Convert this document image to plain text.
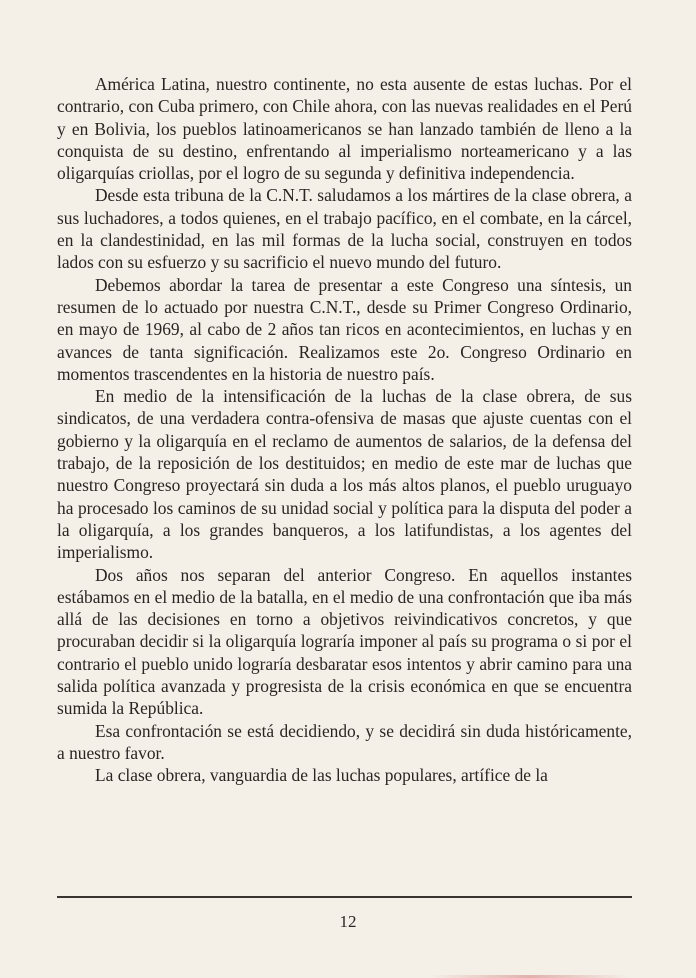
América Latina, nuestro continente, no esta ausente de estas luchas. Por el contrario, con Cuba primero, con Chile ahora, con las nuevas realidades en el Perú y en Bolivia, los pueblos latinoamericanos se han lanzado también de lleno a la conquista de su destino, enfrentando al imperialismo norteamericano y a las oligarquías criollas, por el logro de su segunda y definitiva independencia.

Desde esta tribuna de la C.N.T. saludamos a los mártires de la clase obrera, a sus luchadores, a todos quienes, en el trabajo pacífico, en el combate, en la cárcel, en la clandestinidad, en las mil formas de la lucha social, construyen en todos lados con su esfuerzo y su sacrificio el nuevo mundo del futuro.

Debemos abordar la tarea de presentar a este Congreso una síntesis, un resumen de lo actuado por nuestra C.N.T., desde su Primer Congreso Ordinario, en mayo de 1969, al cabo de 2 años tan ricos en acontecimientos, en luchas y en avances de tanta significación. Realizamos este 2o. Congreso Ordinario en momentos trascendentes en la historia de nuestro país.

En medio de la intensificación de la luchas de la clase obrera, de sus sindicatos, de una verdadera contra-ofensiva de masas que ajuste cuentas con el gobierno y la oligarquía en el reclamo de aumentos de salarios, de la defensa del trabajo, de la reposición de los destituidos; en medio de este mar de luchas que nuestro Congreso proyectará sin duda a los más altos planos, el pueblo uruguayo ha procesado los caminos de su unidad social y política para la disputa del poder a la oligarquía, a los grandes banqueros, a los latifundistas, a los agentes del imperialismo.

Dos años nos separan del anterior Congreso. En aquellos instantes estábamos en el medio de la batalla, en el medio de una confrontación que iba más allá de las decisiones en torno a objetivos reivindicativos concretos, y que procuraban decidir si la oligarquía lograría imponer al país su programa o si por el contrario el pueblo unido lograría desbaratar esos intentos y abrir camino para una salida política avanzada y progresista de la crisis económica en que se encuentra sumida la República.

Esa confrontación se está decidiendo, y se decidirá sin duda históricamente, a nuestro favor.

La clase obrera, vanguardia de las luchas populares, artífice de la

12
